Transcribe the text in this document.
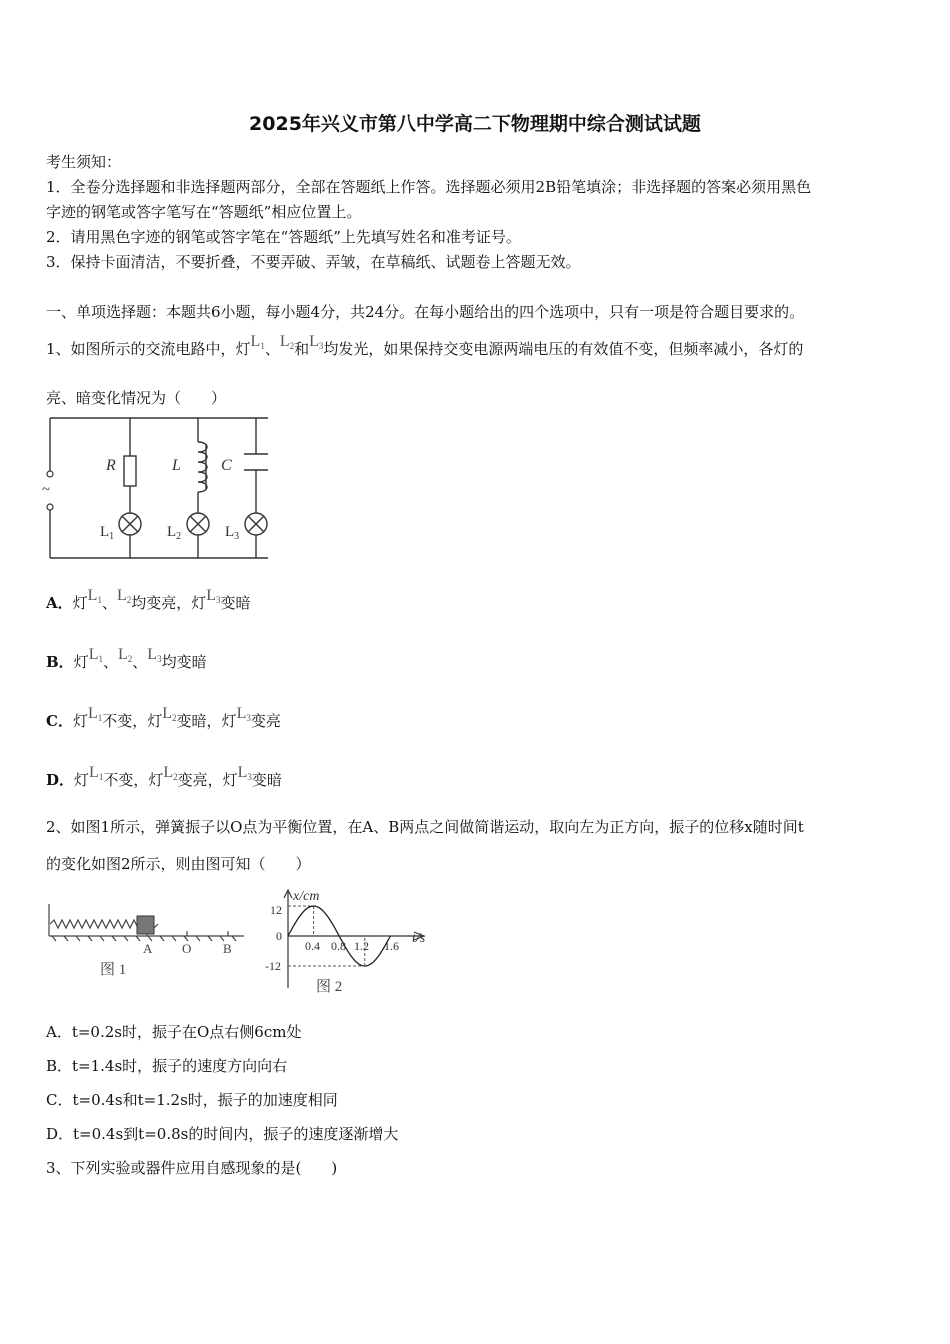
2025年兴义市第八中学高二下物理期中综合测试试题
考生须知：
1．全卷分选择题和非选择题两部分，全部在答题纸上作答。选择题必须用2B铅笔填涂；非选择题的答案必须用黑色
字迹的钢笔或答字笔写在“答题纸”相应位置上。
2．请用黑色字迹的钢笔或答字笔在“答题纸”上先填写姓名和准考证号。
3．保持卡面清洁，不要折叠，不要弄破、弄皱，在草稿纸、试题卷上答题无效。
一、单项选择题：本题共6小题，每小题4分，共24分。在每小题给出的四个选项中，只有一项是符合题目要求的。
1、如图所示的交流电路中，灯L1、L2和L3均发光，如果保持交变电源两端电压的有效值不变，但频率减小，各灯的
亮、暗变化情况为（　　）
~
R	L	C
$L_1$	$L_2$	$L_3$
A．灯L1、L2均变亮，灯L3变暗
B．灯L1、L2、L3均变暗
C．灯L1不变，灯L2变暗，灯L3变亮
D．灯L1不变，灯L2变亮，灯L3变暗
2、如图1所示，弹簧振子以O点为平衡位置，在A、B两点之间做简谐运动，取向左为正方向，振子的位移x随时间t
的变化如图2所示，则由图可知（　　）
A O B
图 1
x/cm
t/s
12
0
-12
0.4 0.8 1.2 1.6
图 2
A．t=0.2s时，振子在O点右侧6cm处
B．t=1.4s时，振子的速度方向向右
C．t=0.4s和t=1.2s时，振子的加速度相同
D．t=0.4s到t=0.8s的时间内，振子的速度逐渐增大
3、下列实验或器件应用自感现象的是(　　)
